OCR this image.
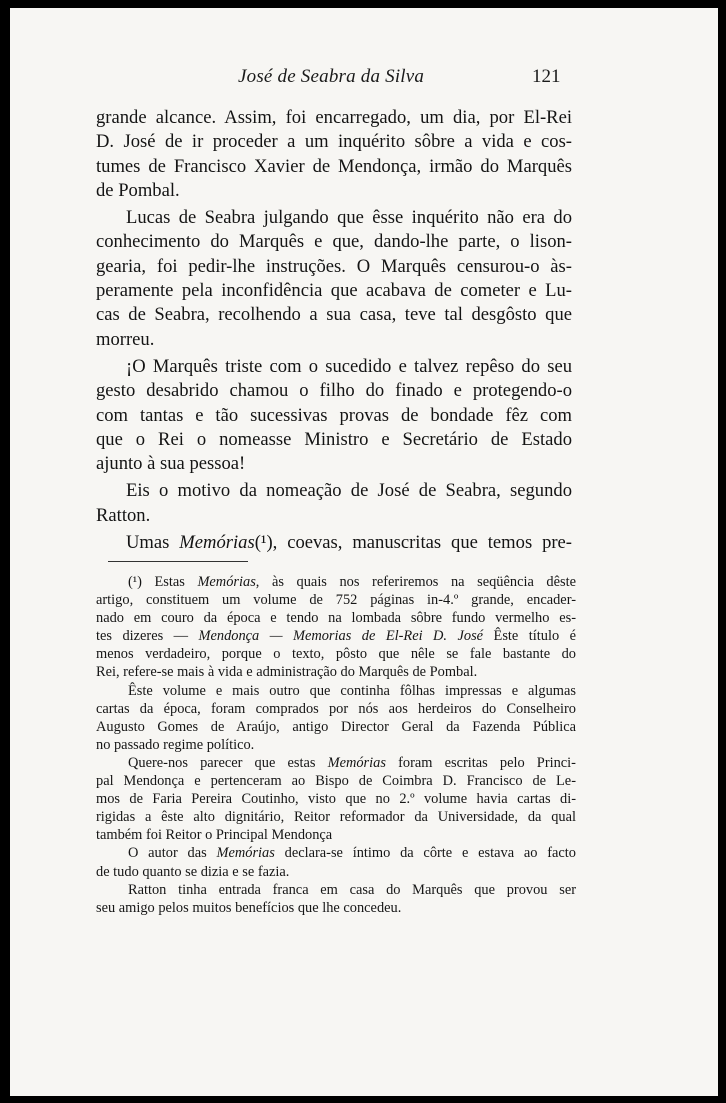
José de Seabra da Silva	121
grande alcance. Assim, foi encarregado, um dia, por El-Rei
D. José de ir proceder a um inquérito sôbre a vida e cos-
tumes de Francisco Xavier de Mendonça, irmão do Marquês
de Pombal.
Lucas de Seabra julgando que êsse inquérito não era do
conhecimento do Marquês e que, dando-lhe parte, o lison-
gearia, foi pedir-lhe instruções. O Marquês censurou-o às-
peramente pela inconfidência que acabava de cometer e Lu-
cas de Seabra, recolhendo a sua casa, teve tal desgôsto que
morreu.
¡O Marquês triste com o sucedido e talvez repêso do seu
gesto desabrido chamou o filho do finado e protegendo-o
com tantas e tão sucessivas provas de bondade fêz com
que o Rei o nomeasse Ministro e Secretário de Estado
ajunto à sua pessoa!
Eis o motivo da nomeação de José de Seabra, segundo
Ratton.
Umas Memórias(¹), coevas, manuscritas que temos pre-
(¹) Estas Memórias, às quais nos referiremos na seqüência dêste
artigo, constituem um volume de 752 páginas in-4.º grande, encader-
nado em couro da época e tendo na lombada sôbre fundo vermelho es-
tes dizeres — Mendonça — Memorias de El-Rei D. José Êste título é
menos verdadeiro, porque o texto, pôsto que nêle se fale bastante do
Rei, refere-se mais à vida e administração do Marquês de Pombal.
Êste volume e mais outro que continha fôlhas impressas e algumas
cartas da época, foram comprados por nós aos herdeiros do Conselheiro
Augusto Gomes de Araújo, antigo Director Geral da Fazenda Pública
no passado regime político.
Quere-nos parecer que estas Memórias foram escritas pelo Princi-
pal Mendonça e pertenceram ao Bispo de Coimbra D. Francisco de Le-
mos de Faria Pereira Coutinho, visto que no 2.º volume havia cartas di-
rigidas a êste alto dignitário, Reitor reformador da Universidade, da qual
também foi Reitor o Principal Mendonça
O autor das Memórias declara-se íntimo da côrte e estava ao facto
de tudo quanto se dizia e se fazia.
Ratton tinha entrada franca em casa do Marquês que provou ser
seu amigo pelos muitos benefícios que lhe concedeu.
